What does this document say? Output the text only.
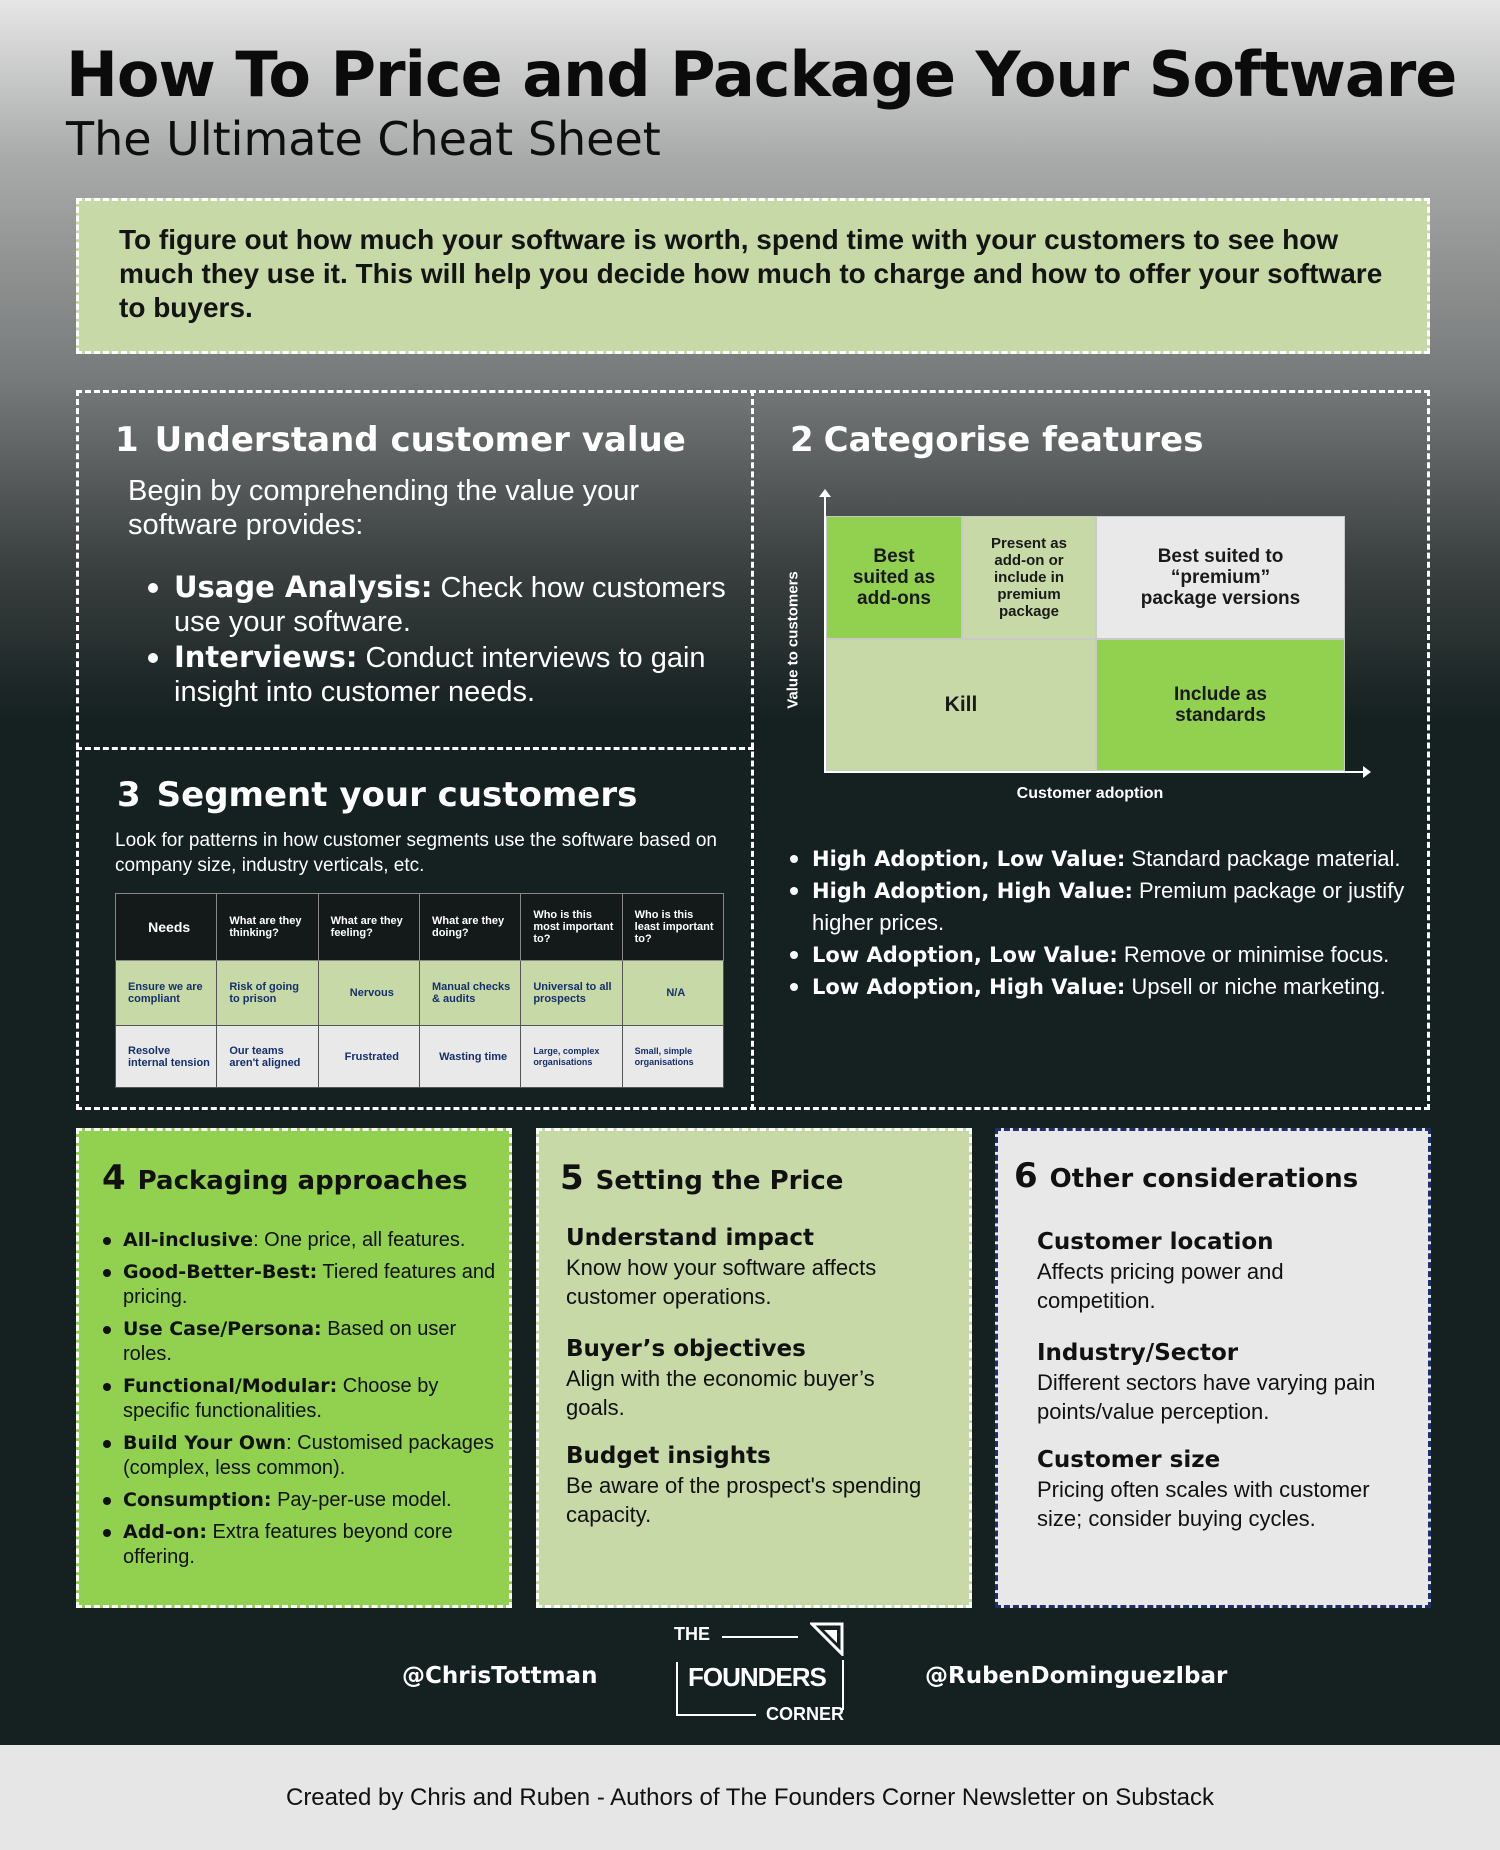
How To Price and Package Your Software
The Ultimate Cheat Sheet
To figure out how much your software is worth, spend time with your customers to see how much they use it. This will help you decide how much to charge and how to offer your software to buyers.
1 Understand customer value
Begin by comprehending the value your software provides:
Usage Analysis: Check how customers use your software.
Interviews: Conduct interviews to gain insight into customer needs.
3 Segment your customers
Look for patterns in how customer segments use the software based on company size, industry verticals, etc.
Needs	What are they thinking?	What are they feeling?	What are they doing?	Who is this most important to?	Who is this least important to?
Ensure we are compliant	Risk of going to prison	Nervous	Manual checks & audits	Universal to all prospects	N/A
Resolve internal tension	Our teams aren't aligned	Frustrated	Wasting time	Large, complex organisations	Small, simple organisations
2 Categorise features
Value to customers
Customer adoption
Best suited as add-ons
Present as add-on or include in premium package
Best suited to “premium” package versions
Kill	Include as standards
High Adoption, Low Value: Standard package material.
High Adoption, High Value: Premium package or justify higher prices.
Low Adoption, Low Value: Remove or minimise focus.
Low Adoption, High Value: Upsell or niche marketing.
4 Packaging approaches
All-inclusive: One price, all features.
Good-Better-Best: Tiered features and pricing.
Use Case/Persona: Based on user roles.
Functional/Modular: Choose by specific functionalities.
Build Your Own: Customised packages (complex, less common).
Consumption: Pay-per-use model.
Add-on: Extra features beyond core offering.
5 Setting the Price
Understand impact
Know how your software affects customer operations.
Buyer’s objectives
Align with the economic buyer’s goals.
Budget insights
Be aware of the prospect's spending capacity.
6 Other considerations
Customer location
Affects pricing power and competition.
Industry/Sector
Different sectors have varying pain points/value perception.
Customer size
Pricing often scales with customer size; consider buying cycles.
@ChrisTottman	@RubenDominguezIbar
THE
FOUNDERS
CORNER
Created by Chris and Ruben - Authors of The Founders Corner Newsletter on Substack
